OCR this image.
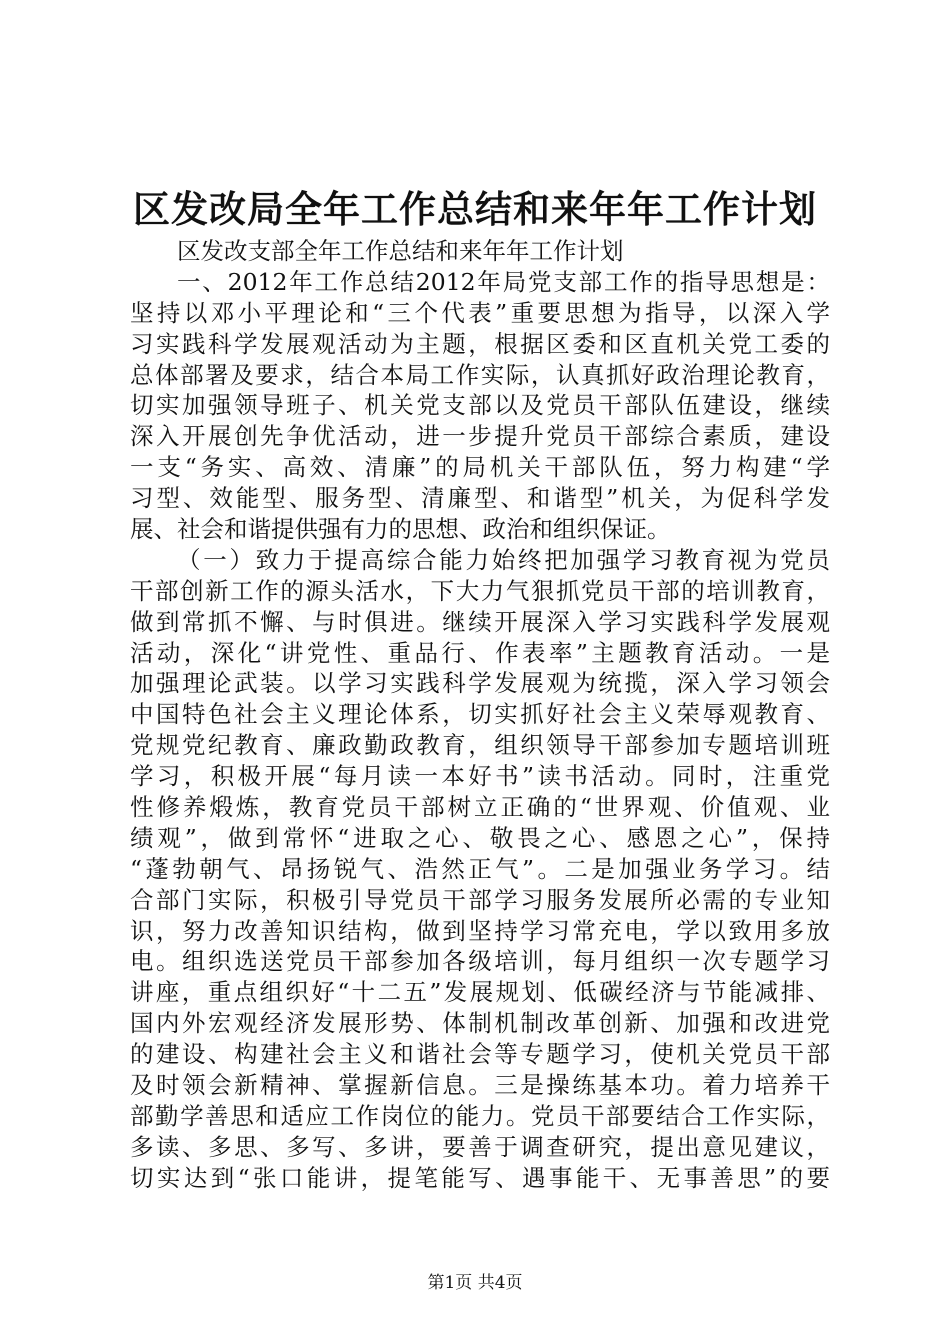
区发改局全年工作总结和来年年工作计划
区发改支部全年工作总结和来年年工作计划
一、2012年工作总结2012年局党支部工作的指导思想是：
坚持以邓小平理论和“三个代表”重要思想为指导，以深入学
习实践科学发展观活动为主题，根据区委和区直机关党工委的
总体部署及要求，结合本局工作实际，认真抓好政治理论教育，
切实加强领导班子、机关党支部以及党员干部队伍建设，继续
深入开展创先争优活动，进一步提升党员干部综合素质，建设
一支“务实、高效、清廉”的局机关干部队伍，努力构建“学
习型、效能型、服务型、清廉型、和谐型”机关，为促科学发
展、社会和谐提供强有力的思想、政治和组织保证。
（一）致力于提高综合能力始终把加强学习教育视为党员
干部创新工作的源头活水，下大力气狠抓党员干部的培训教育，
做到常抓不懈、与时俱进。继续开展深入学习实践科学发展观
活动，深化“讲党性、重品行、作表率”主题教育活动。一是
加强理论武装。以学习实践科学发展观为统揽，深入学习领会
中国特色社会主义理论体系，切实抓好社会主义荣辱观教育、
党规党纪教育、廉政勤政教育，组织领导干部参加专题培训班
学习，积极开展“每月读一本好书”读书活动。同时，注重党
性修养煅炼，教育党员干部树立正确的“世界观、价值观、业
绩观”，做到常怀“进取之心、敬畏之心、感恩之心”，保持
“蓬勃朝气、昂扬锐气、浩然正气”。二是加强业务学习。结
合部门实际，积极引导党员干部学习服务发展所必需的专业知
识，努力改善知识结构，做到坚持学习常充电，学以致用多放
电。组织选送党员干部参加各级培训，每月组织一次专题学习
讲座，重点组织好“十二五”发展规划、低碳经济与节能减排、
国内外宏观经济发展形势、体制机制改革创新、加强和改进党
的建设、构建社会主义和谐社会等专题学习，使机关党员干部
及时领会新精神、掌握新信息。三是操练基本功。着力培养干
部勤学善思和适应工作岗位的能力。党员干部要结合工作实际，
多读、多思、多写、多讲，要善于调查研究，提出意见建议，
切实达到“张口能讲，提笔能写、遇事能干、无事善思”的要
第1页 共4页
